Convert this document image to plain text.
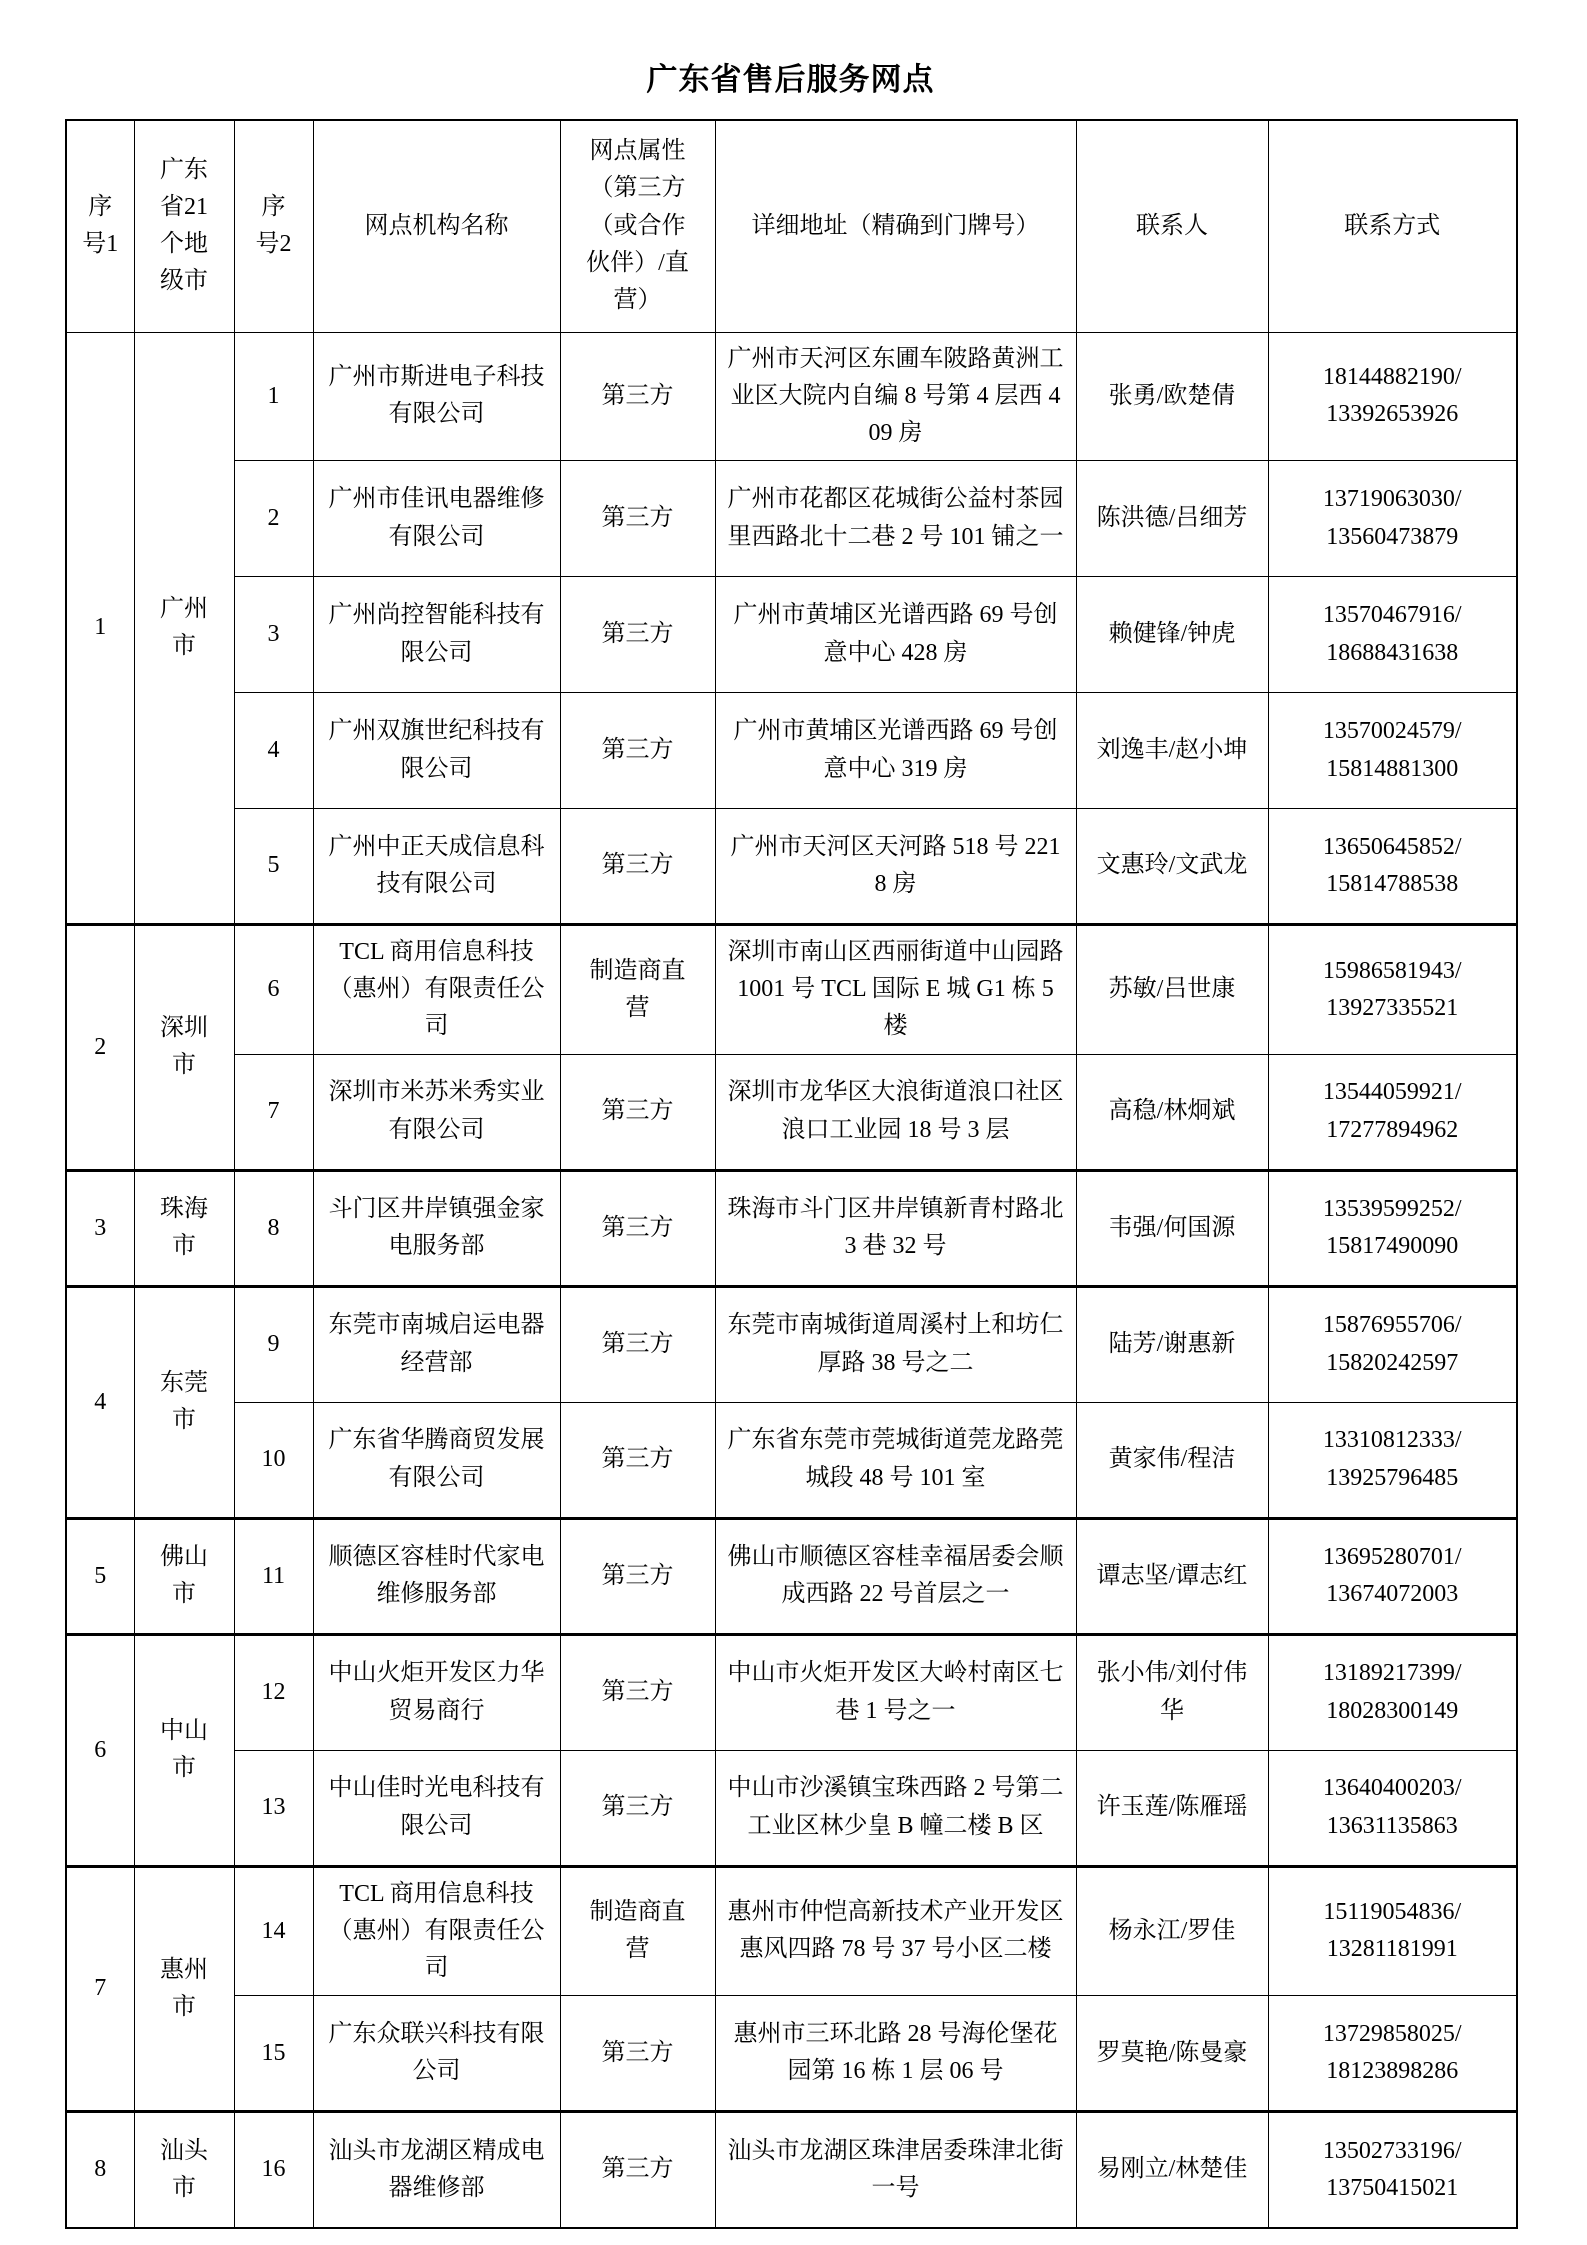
广东省售后服务网点
序号1	广东省21个地级市	序号2	网点机构名称	网点属性（第三方（或合作伙伴）/直营）	详细地址（精确到门牌号）	联系人	联系方式
1	广州市	1	广州市斯进电子科技有限公司	第三方	广州市天河区东圃车陂路黄洲工业区大院内自编 8 号第 4 层西 409 房	张勇/欧楚倩	18144882190/
13392653926

		2	广州市佳讯电器维修有限公司	第三方	广州市花都区花城街公益村茶园里西路北十二巷 2 号 101 铺之一	陈洪德/吕细芳	13719063030/
13560473879

		3	广州尚控智能科技有限公司	第三方	广州市黄埔区光谱西路 69 号创意中心 428 房	赖健锋/钟虎	13570467916/
18688431638

		4	广州双旗世纪科技有限公司	第三方	广州市黄埔区光谱西路 69 号创意中心 319 房	刘逸丰/赵小坤	13570024579/
15814881300

		5	广州中正天成信息科技有限公司	第三方	广州市天河区天河路 518 号 2218 房	文惠玲/文武龙	13650645852/
15814788538

2	深圳市	6	TCL 商用信息科技（惠州）有限责任公司	制造商直营	深圳市南山区西丽街道中山园路 1001 号 TCL 国际 E 城 G1 栋 5 楼	苏敏/吕世康	15986581943/
13927335521

		7	深圳市米苏米秀实业有限公司	第三方	深圳市龙华区大浪街道浪口社区浪口工业园 18 号 3 层	高稳/林炯斌	13544059921/
17277894962

3	珠海市	8	斗门区井岸镇强金家电服务部	第三方	珠海市斗门区井岸镇新青村路北 3 巷 32 号	韦强/何国源	13539599252/
15817490090

4	东莞市	9	东莞市南城启运电器经营部	第三方	东莞市南城街道周溪村上和坊仁厚路 38 号之二	陆芳/谢惠新	15876955706/
15820242597

		10	广东省华腾商贸发展有限公司	第三方	广东省东莞市莞城街道莞龙路莞城段 48 号 101 室	黄家伟/程洁	13310812333/
13925796485

5	佛山市	11	顺德区容桂时代家电维修服务部	第三方	佛山市顺德区容桂幸福居委会顺成西路 22 号首层之一	谭志坚/谭志红	13695280701/
13674072003

6	中山市	12	中山火炬开发区力华贸易商行	第三方	中山市火炬开发区大岭村南区七巷 1 号之一	张小伟/刘付伟华	13189217399/
18028300149

		13	中山佳时光电科技有限公司	第三方	中山市沙溪镇宝珠西路 2 号第二工业区林少皇 B 幢二楼 B 区	许玉莲/陈雁瑶	13640400203/
13631135863

7	惠州市	14	TCL 商用信息科技（惠州）有限责任公司	制造商直营	惠州市仲恺高新技术产业开发区惠风四路 78 号 37 号小区二楼	杨永江/罗佳	15119054836/
13281181991

		15	广东众联兴科技有限公司	第三方	惠州市三环北路 28 号海伦堡花园第 16 栋 1 层 06 号	罗莫艳/陈曼豪	13729858025/
18123898286

8	汕头市	16	汕头市龙湖区精成电器维修部	第三方	汕头市龙湖区珠津居委珠津北街一号	易刚立/林楚佳	13502733196/
13750415021
